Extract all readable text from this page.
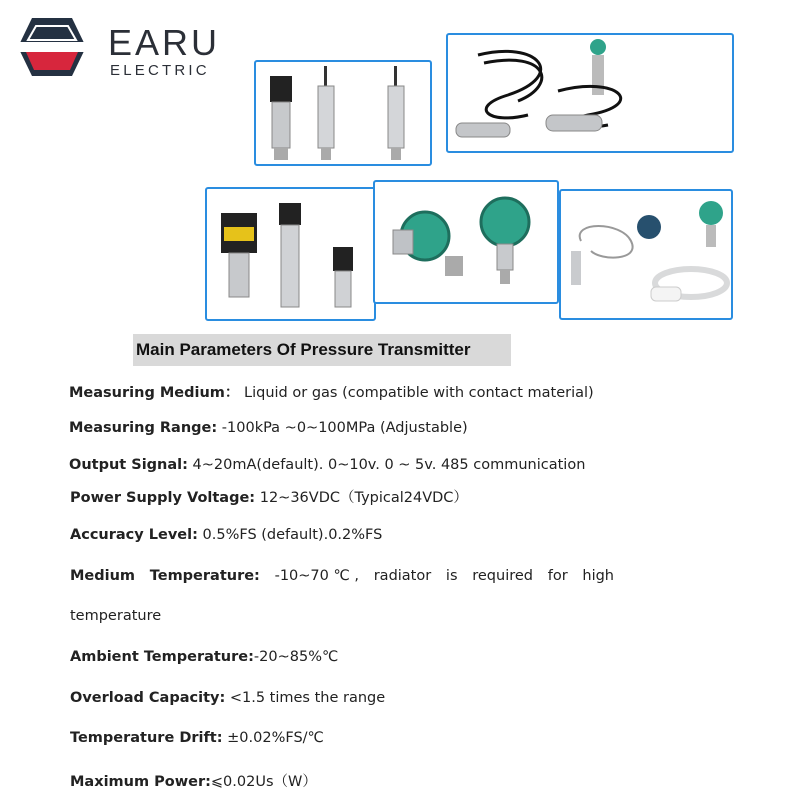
EARU
ELECTRIC
Main Parameters Of Pressure Transmitter
Measuring Medium： Liquid or gas (compatible with contact material)
Measuring Range: -100kPa ~0~100MPa (Adjustable)
Output Signal: 4~20mA(default). 0~10v. 0 ~ 5v. 485 communication
Power Supply Voltage: 12~36VDC（Typical24VDC）
Accuracy Level: 0.5%FS (default).0.2%FS
Medium Temperature: -10~70 ℃ , radiator is required for high
temperature
Ambient Temperature:-20~85%℃
Overload Capacity: <1.5 times the range
Temperature Drift: ±0.02%FS/℃
Maximum Power:⩽0.02Us（W）
